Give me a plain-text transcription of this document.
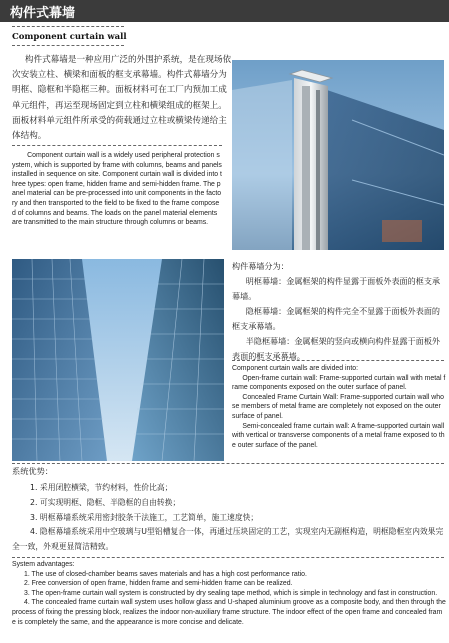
构件式幕墙
Component curtain wall

构件式幕墙是一种应用广泛的外围护系统，是在现场依次安装立柱、横梁和面板的框支承幕墙。构件式幕墙分为明框、隐框和半隐框三种。面板材料可在工厂内预加工成单元组件，再运至现场固定到立柱和横梁组成的框架上。面板材料单元组件所承受的荷载通过立柱或横梁传递给主体结构。

Component curtain wall is a widely used peripheral protection system, which is supported by frame with columns, beams and panels installed in sequence on site. Component curtain wall is divided into three types: open frame, hidden frame and semi-hidden frame. The panel material can be pre-processed into unit components in the factory and then transported to the field to be fixed to the frame composed of columns and beams. The loads on the panel material elements are transmitted to the main structure through columns or beams.

构件幕墙分为：

明框幕墙：金属框架的构件显露于面板外表面的框支承幕墙。

隐框幕墙：金属框架的构件完全不显露于面板外表面的框支承幕墙。

半隐框幕墙：金属框架的竖向或横向构件显露于面板外表面的框支承幕墙。

Component curtain walls are divided into:

Open-frame curtain wall: Frame-supported curtain wall with metal frame components exposed on the outer surface of panel.

Concealed Frame Curtain Wall: Frame-supported curtain wall whose members of metal frame are completely not exposed on the outer surface of panel.

Semi-concealed frame curtain wall: A frame-supported curtain wall with vertical or transverse components of a metal frame exposed to the outer surface of the panel.

系统优势：
1. 采用闭腔横梁，节约材料，性价比高；
2. 可实现明框、隐框、半隐框的自由转换；
3. 明框幕墙系统采用密封胶条干法施工，工艺简单，施工速度快；
4. 隐框幕墙系统采用中空玻璃与U型铝槽复合一体，再通过压块固定的工艺，实现室内无副框构造，明框隐框室内效果完全一致，外观更显简洁精致。

System advantages:

1. The use of closed-chamber beams saves materials and has a high cost performance ratio.

2. Free conversion of open frame, hidden frame and semi-hidden frame can be realized.

3. The open-frame curtain wall system is constructed by dry sealing tape method, which is simple in technology and fast in construction.

4. The concealed frame curtain wall system uses hollow glass and U-shaped aluminium groove as a composite body, and then through the process of fixing the pressing block, realizes the indoor non-auxiliary frame structure. The indoor effect of the open frame and concealed frame is completely the same, and the appearance is more concise and delicate.
